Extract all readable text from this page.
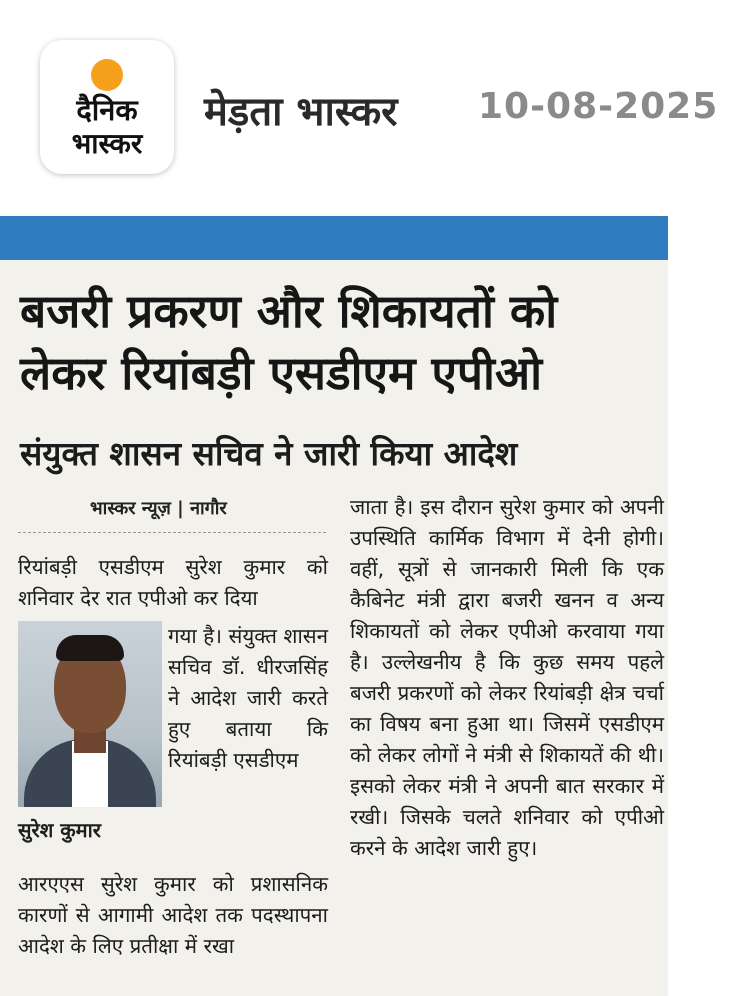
दैनिक
भास्कर
मेड़ता भास्कर 10-08-2025
बजरी प्रकरण और शिकायतों को
लेकर रियांबड़ी एसडीएम एपीओ
संयुक्त शासन सचिव ने जारी किया आदेश
भास्कर न्यूज़ | नागौर
रियांबड़ी एसडीएम सुरेश कुमार को शनिवार देर रात एपीओ कर दिया
गया है। संयुक्त शासन सचिव डॉ. धीरजसिंह ने आदेश जारी करते हुए बताया कि रियांबड़ी एसडीएम
सुरेश कुमार
आरएएस सुरेश कुमार को प्रशासनिक कारणों से आगामी आदेश तक पदस्थापना आदेश के लिए प्रतीक्षा में रखा
जाता है। इस दौरान सुरेश कुमार को अपनी उपस्थिति कार्मिक विभाग में देनी होगी। वहीं, सूत्रों से जानकारी मिली कि एक कैबिनेट मंत्री द्वारा बजरी खनन व अन्य शिकायतों को लेकर एपीओ करवाया गया है। उल्लेखनीय है कि कुछ समय पहले बजरी प्रकरणों को लेकर रियांबड़ी क्षेत्र चर्चा का विषय बना हुआ था। जिसमें एसडीएम को लेकर लोगों ने मंत्री से शिकायतें की थी। इसको लेकर मंत्री ने अपनी बात सरकार में रखी। जिसके चलते शनिवार को एपीओ करने के आदेश जारी हुए।
